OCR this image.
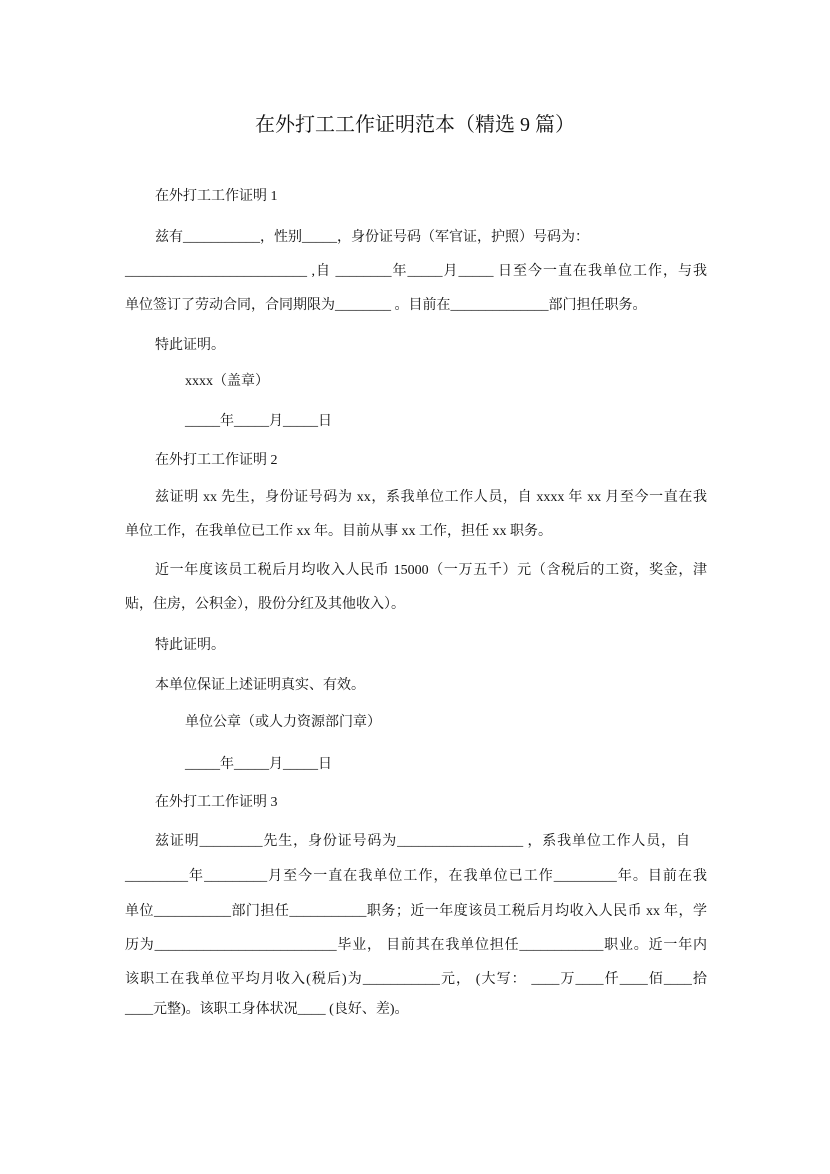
在外打工工作证明范本（精选 9 篇）
在外打工工作证明 1
兹有___________，性别_____，身份证号码（军官证，护照）号码为：
__________________________ ,自 ________年_____月_____ 日至今一直在我单位工作，与我
单位签订了劳动合同，合同期限为________ 。目前在______________部门担任职务。
特此证明。
xxxx（盖章）
_____年_____月_____日
在外打工工作证明 2
兹证明 xx 先生，身份证号码为 xx，系我单位工作人员，自 xxxx 年 xx 月至今一直在我
单位工作，在我单位已工作 xx 年。目前从事 xx 工作，担任 xx 职务。
近一年度该员工税后月均收入人民币 15000（一万五千）元（含税后的工资，奖金，津
贴，住房，公积金），股份分红及其他收入）。
特此证明。
本单位保证上述证明真实、有效。
单位公章（或人力资源部门章）
_____年_____月_____日
在外打工工作证明 3
兹证明_________先生，身份证号码为__________________ ，系我单位工作人员，自
_________年_________月至今一直在我单位工作，在我单位已工作_________年。目前在我
单位___________部门担任___________职务；近一年度该员工税后月均收入人民币 xx 年，学
历为__________________________毕业， 目前其在我单位担任____________职业。近一年内
该职工在我单位平均月收入(税后)为___________元， (大写： ____万____仟____佰____拾
____元整)。该职工身体状况____ (良好、差)。
